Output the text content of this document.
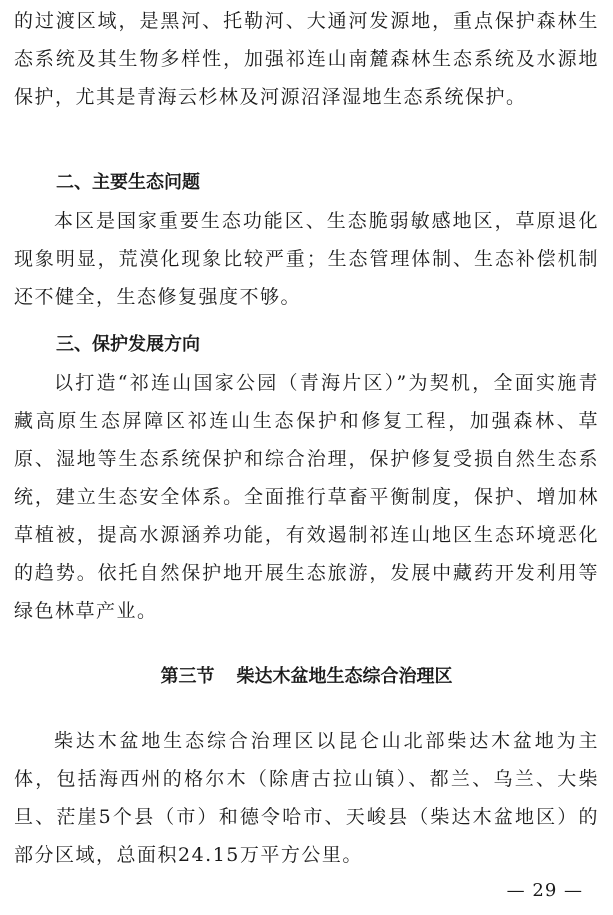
的过渡区域，是黑河、托勒河、大通河发源地，重点保护森林生态系统及其生物多样性，加强祁连山南麓森林生态系统及水源地保护，尤其是青海云杉林及河源沼泽湿地生态系统保护。

二、主要生态问题

本区是国家重要生态功能区、生态脆弱敏感地区，草原退化现象明显，荒漠化现象比较严重；生态管理体制、生态补偿机制还不健全，生态修复强度不够。

三、保护发展方向

以打造“祁连山国家公园（青海片区）”为契机，全面实施青藏高原生态屏障区祁连山生态保护和修复工程，加强森林、草原、湿地等生态系统保护和综合治理，保护修复受损自然生态系统，建立生态安全体系。全面推行草畜平衡制度，保护、增加林草植被，提高水源涵养功能，有效遏制祁连山地区生态环境恶化的趋势。依托自然保护地开展生态旅游，发展中藏药开发利用等绿色林草产业。

第三节 柴达木盆地生态综合治理区

柴达木盆地生态综合治理区以昆仑山北部柴达木盆地为主体，包括海西州的格尔木（除唐古拉山镇）、都兰、乌兰、大柴旦、茫崖5个县（市）和德令哈市、天峻县（柴达木盆地区）的部分区域，总面积24.15万平方公里。

— 29 —
